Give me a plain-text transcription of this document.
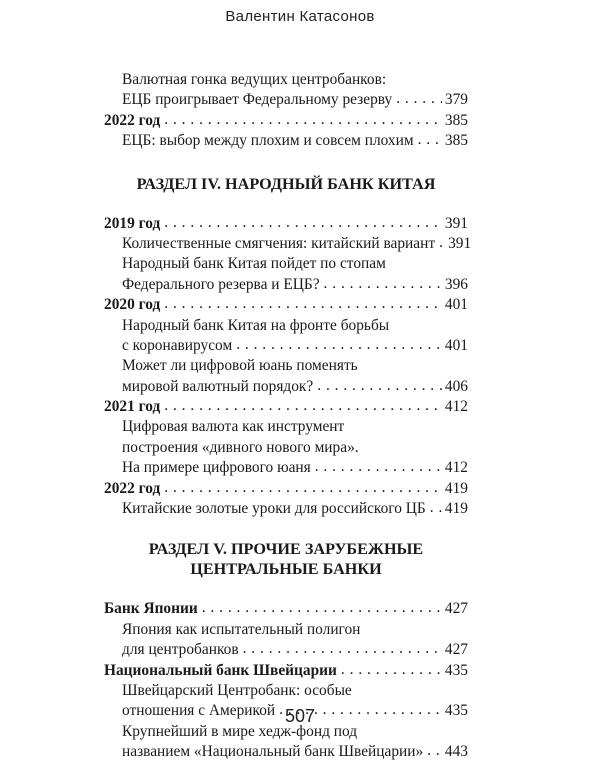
Валентин Катасонов
Валютная гонка ведущих центробанков:
ЕЦБ проигрывает Федеральному резерву . . .	379
2022 год . . .	385
ЕЦБ: выбор между плохим и совсем плохим . . . 385
РАЗДЕЛ IV. НАРОДНЫЙ БАНК КИТАЯ
2019 год . . .	391
Количественные смягчения: китайский вариант . . . 391
Народный банк Китая пойдет по стопам
Федерального резерва и ЕЦБ? . . .	396
2020 год . . .	401
Народный банк Китая на фронте борьбы
с коронавирусом . . .	401
Может ли цифровой юань поменять
мировой валютный порядок? . . .	406
2021 год . . .	412
Цифровая валюта как инструмент
построения «дивного нового мира».
На примере цифрового юаня . . .	412
2022 год . . .	419
Китайские золотые уроки для российского ЦБ . . . 419
РАЗДЕЛ V. ПРОЧИЕ ЗАРУБЕЖНЫЕ
ЦЕНТРАЛЬНЫЕ БАНКИ
Банк Японии . . .	427
Япония как испытательный полигон
для центробанков . . .	427
Национальный банк Швейцарии . . .	435
Швейцарский Центробанк: особые
отношения с Америкой . . .	435
Крупнейший в мире хедж-фонд под
названием «Национальный банк Швейцарии» . . . 443
507
